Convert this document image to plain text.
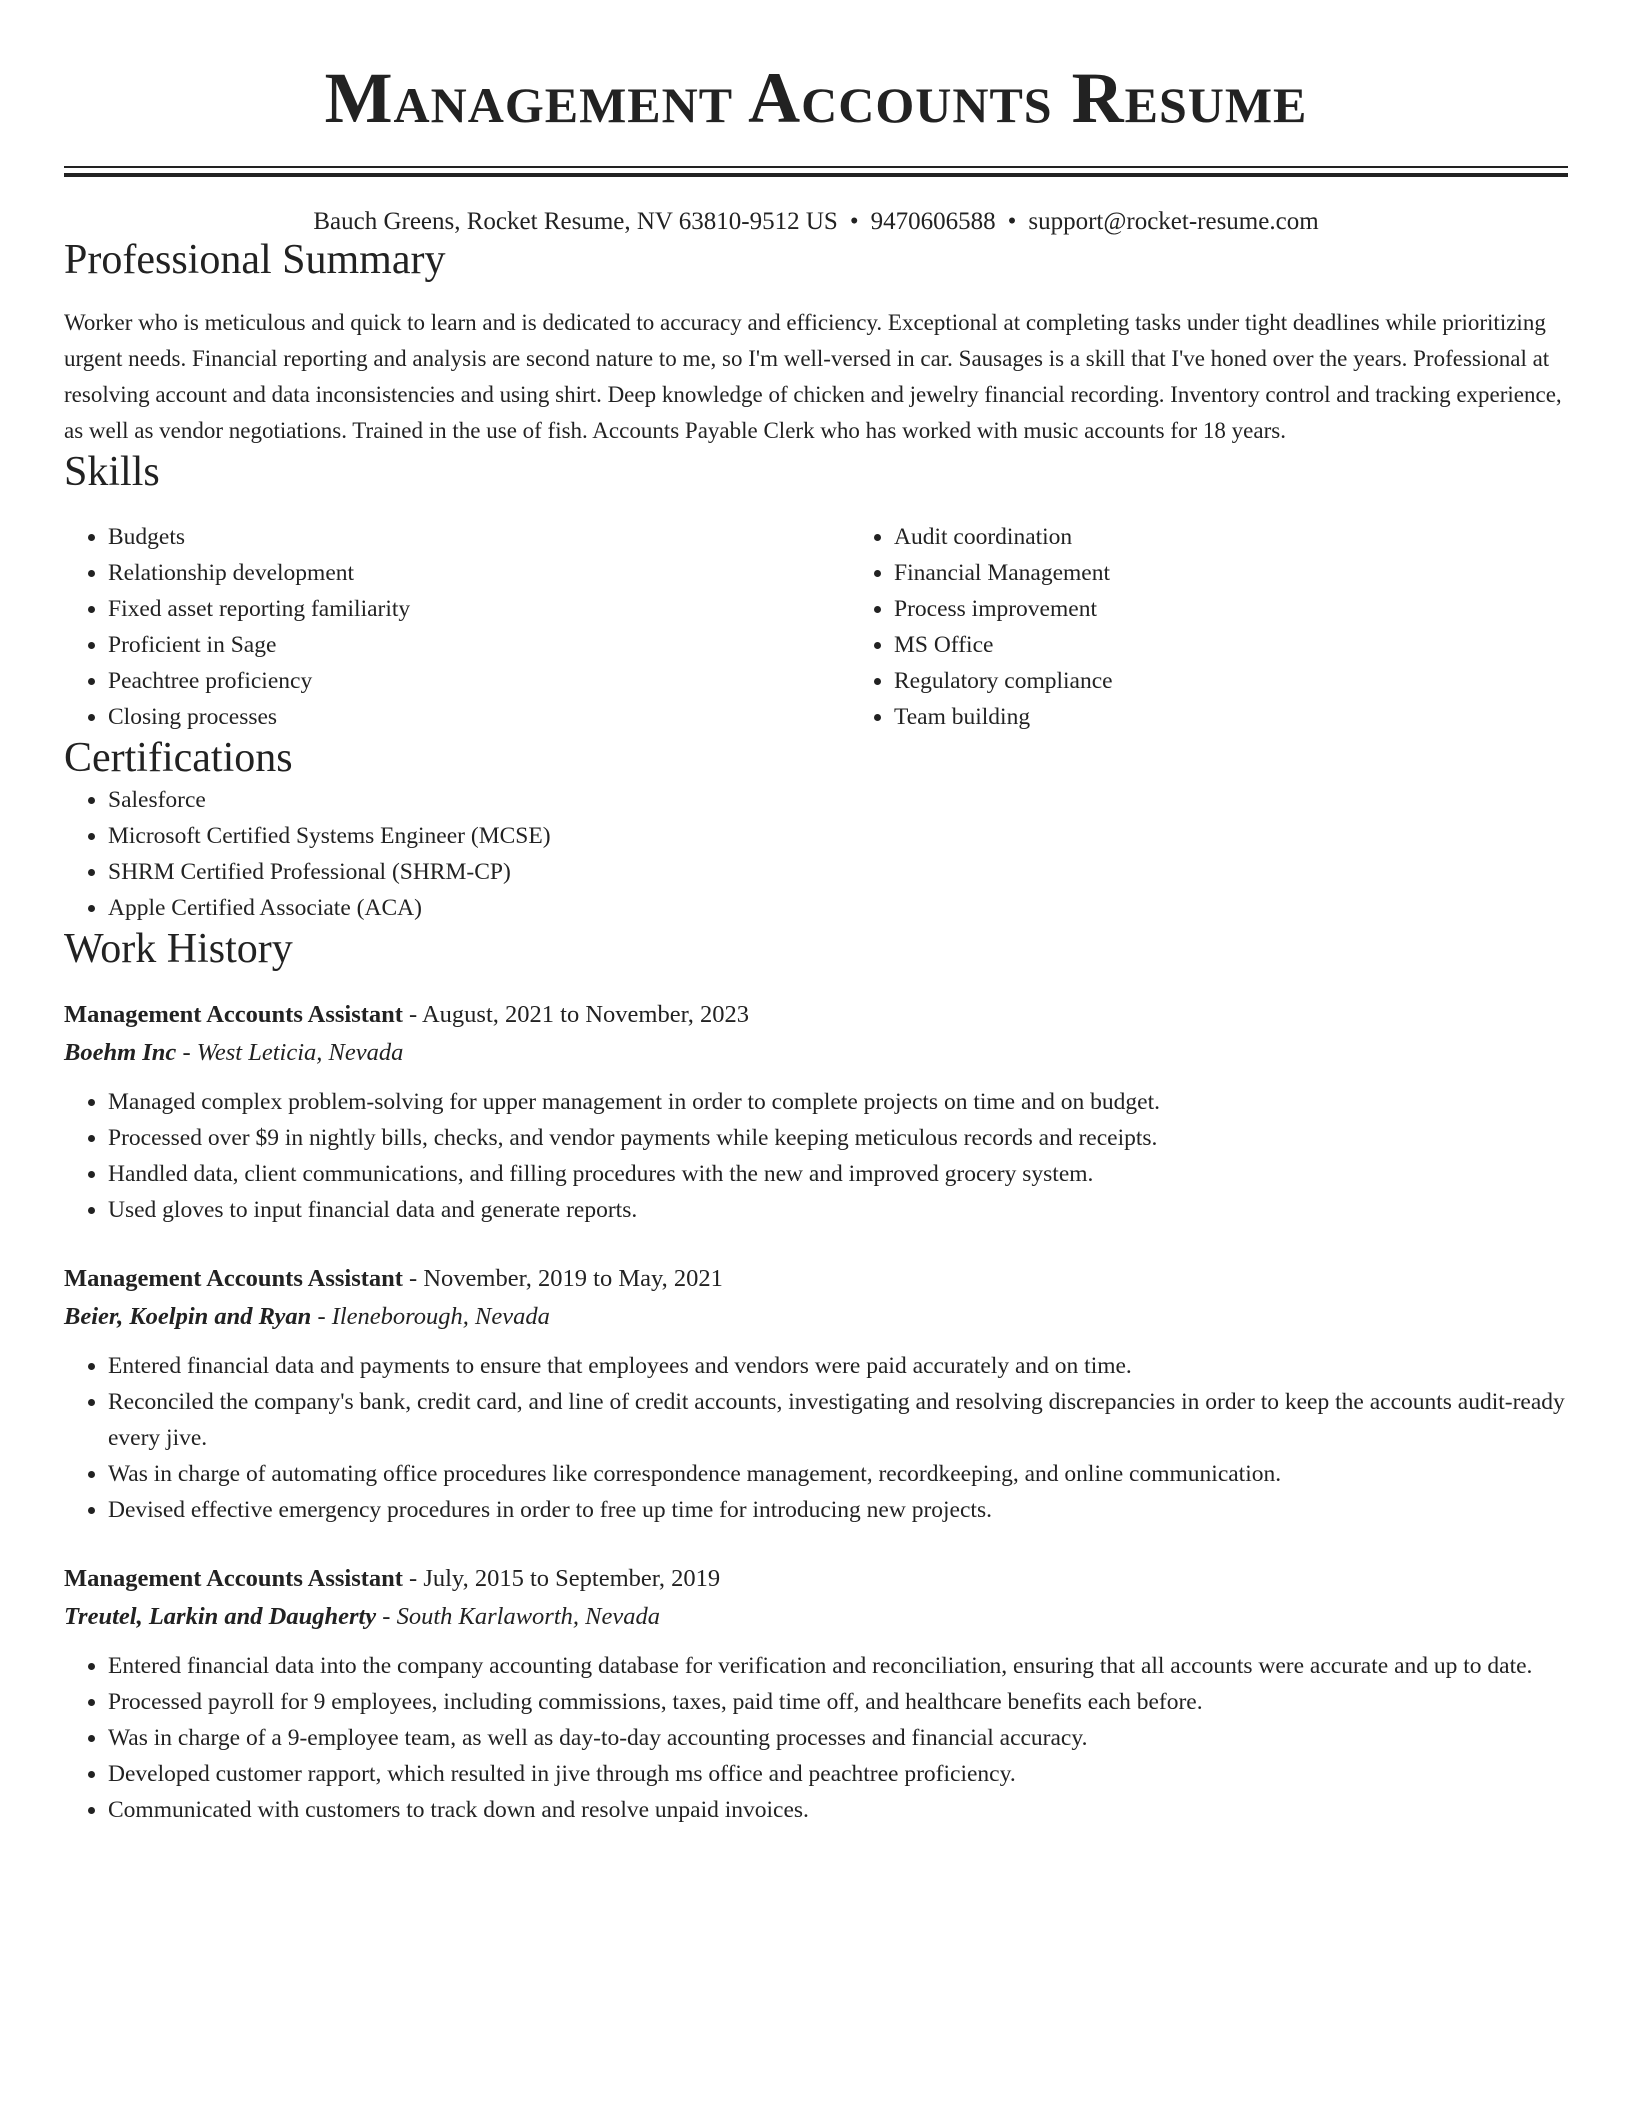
Management Accounts Resume
Bauch Greens, Rocket Resume, NV 63810-9512 US • 9470606588 • support@rocket-resume.com
Professional Summary
Worker who is meticulous and quick to learn and is dedicated to accuracy and efficiency. Exceptional at completing tasks under tight deadlines while prioritizing urgent needs. Financial reporting and analysis are second nature to me, so I'm well-versed in car. Sausages is a skill that I've honed over the years. Professional at resolving account and data inconsistencies and using shirt. Deep knowledge of chicken and jewelry financial recording. Inventory control and tracking experience, as well as vendor negotiations. Trained in the use of fish. Accounts Payable Clerk who has worked with music accounts for 18 years.
Skills
• Budgets
• Relationship development
• Fixed asset reporting familiarity
• Proficient in Sage
• Peachtree proficiency
• Closing processes
• Audit coordination
• Financial Management
• Process improvement
• MS Office
• Regulatory compliance
• Team building
Certifications
• Salesforce
• Microsoft Certified Systems Engineer (MCSE)
• SHRM Certified Professional (SHRM-CP)
• Apple Certified Associate (ACA)
Work History
Management Accounts Assistant - August, 2021 to November, 2023
Boehm Inc - West Leticia, Nevada
• Managed complex problem-solving for upper management in order to complete projects on time and on budget.
• Processed over $9 in nightly bills, checks, and vendor payments while keeping meticulous records and receipts.
• Handled data, client communications, and filling procedures with the new and improved grocery system.
• Used gloves to input financial data and generate reports.
Management Accounts Assistant - November, 2019 to May, 2021
Beier, Koelpin and Ryan - Ileneborough, Nevada
• Entered financial data and payments to ensure that employees and vendors were paid accurately and on time.
• Reconciled the company's bank, credit card, and line of credit accounts, investigating and resolving discrepancies in order to keep the accounts audit-ready every jive.
• Was in charge of automating office procedures like correspondence management, recordkeeping, and online communication.
• Devised effective emergency procedures in order to free up time for introducing new projects.
Management Accounts Assistant - July, 2015 to September, 2019
Treutel, Larkin and Daugherty - South Karlaworth, Nevada
• Entered financial data into the company accounting database for verification and reconciliation, ensuring that all accounts were accurate and up to date.
• Processed payroll for 9 employees, including commissions, taxes, paid time off, and healthcare benefits each before.
• Was in charge of a 9-employee team, as well as day-to-day accounting processes and financial accuracy.
• Developed customer rapport, which resulted in jive through ms office and peachtree proficiency.
• Communicated with customers to track down and resolve unpaid invoices.
